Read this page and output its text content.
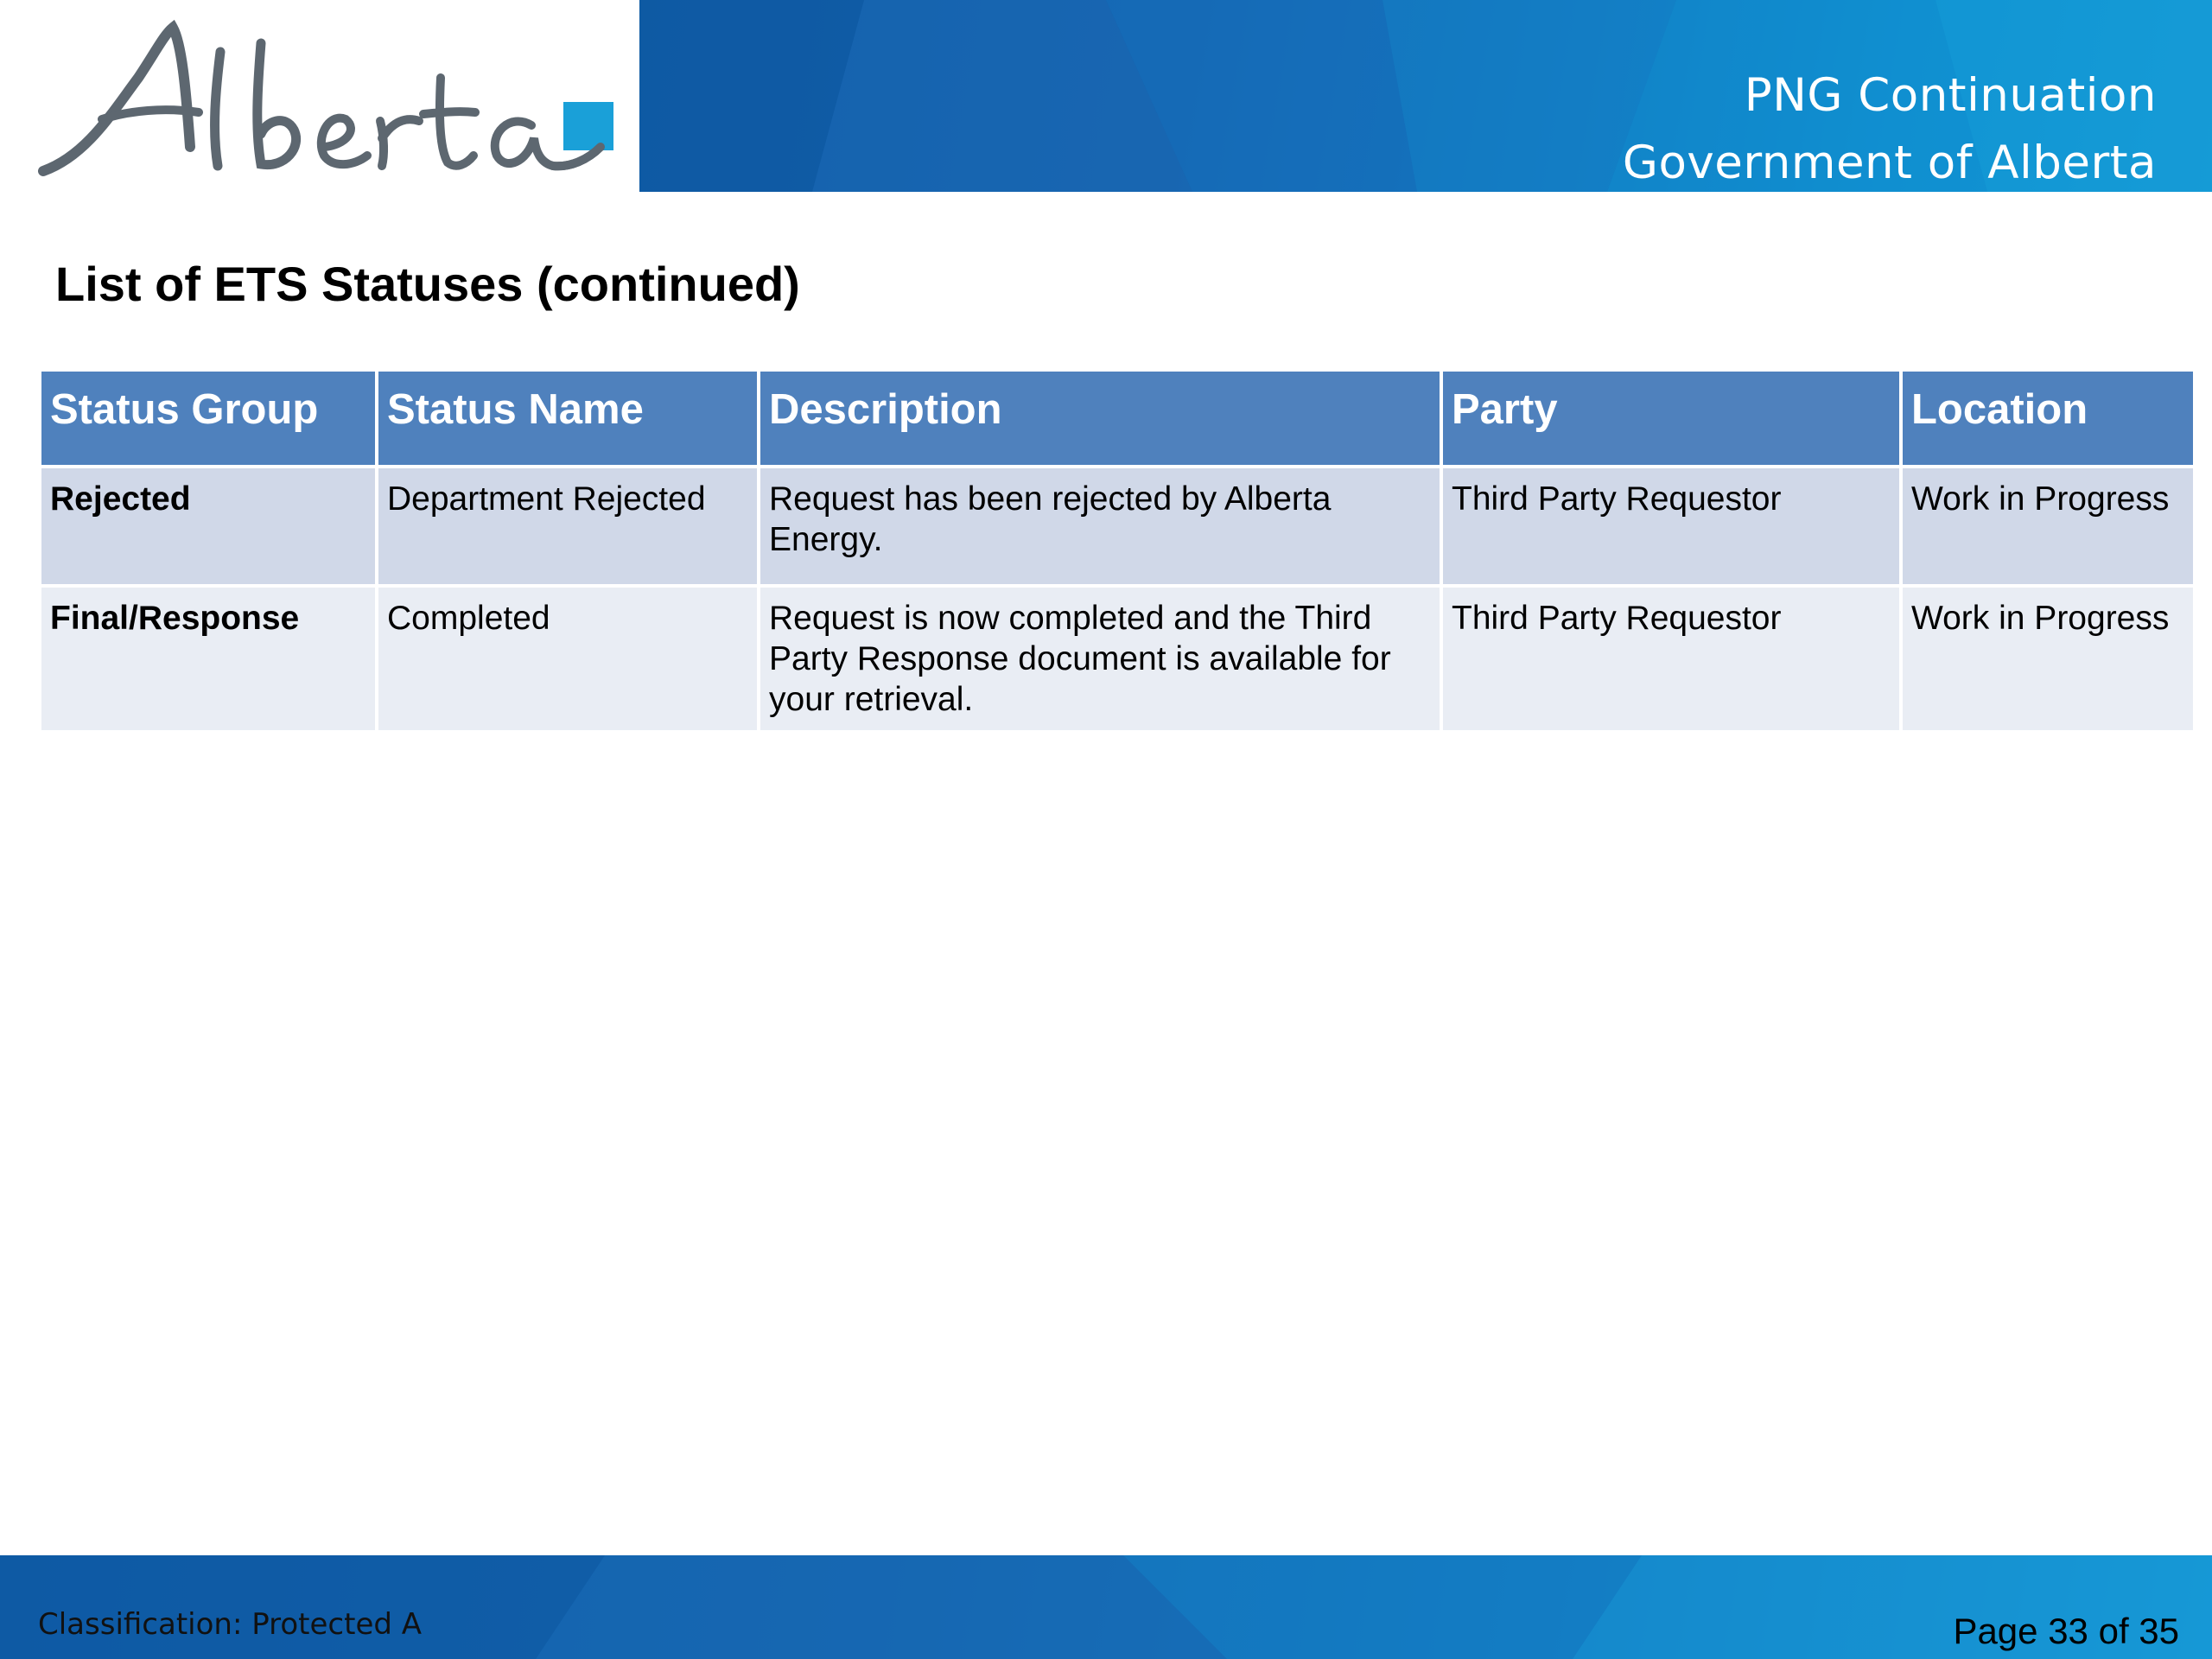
PNG Continuation
Government of Alberta
List of ETS Statuses (continued)
Status Group	Status Name	Description	Party	Location
Rejected	Department Rejected	Request has been rejected by Alberta Energy.	Third Party Requestor	Work in Progress
Final/Response	Completed	Request is now completed and the Third Party Response document is available for your retrieval.	Third Party Requestor	Work in Progress
Classification: Protected A	Page 33 of 35
